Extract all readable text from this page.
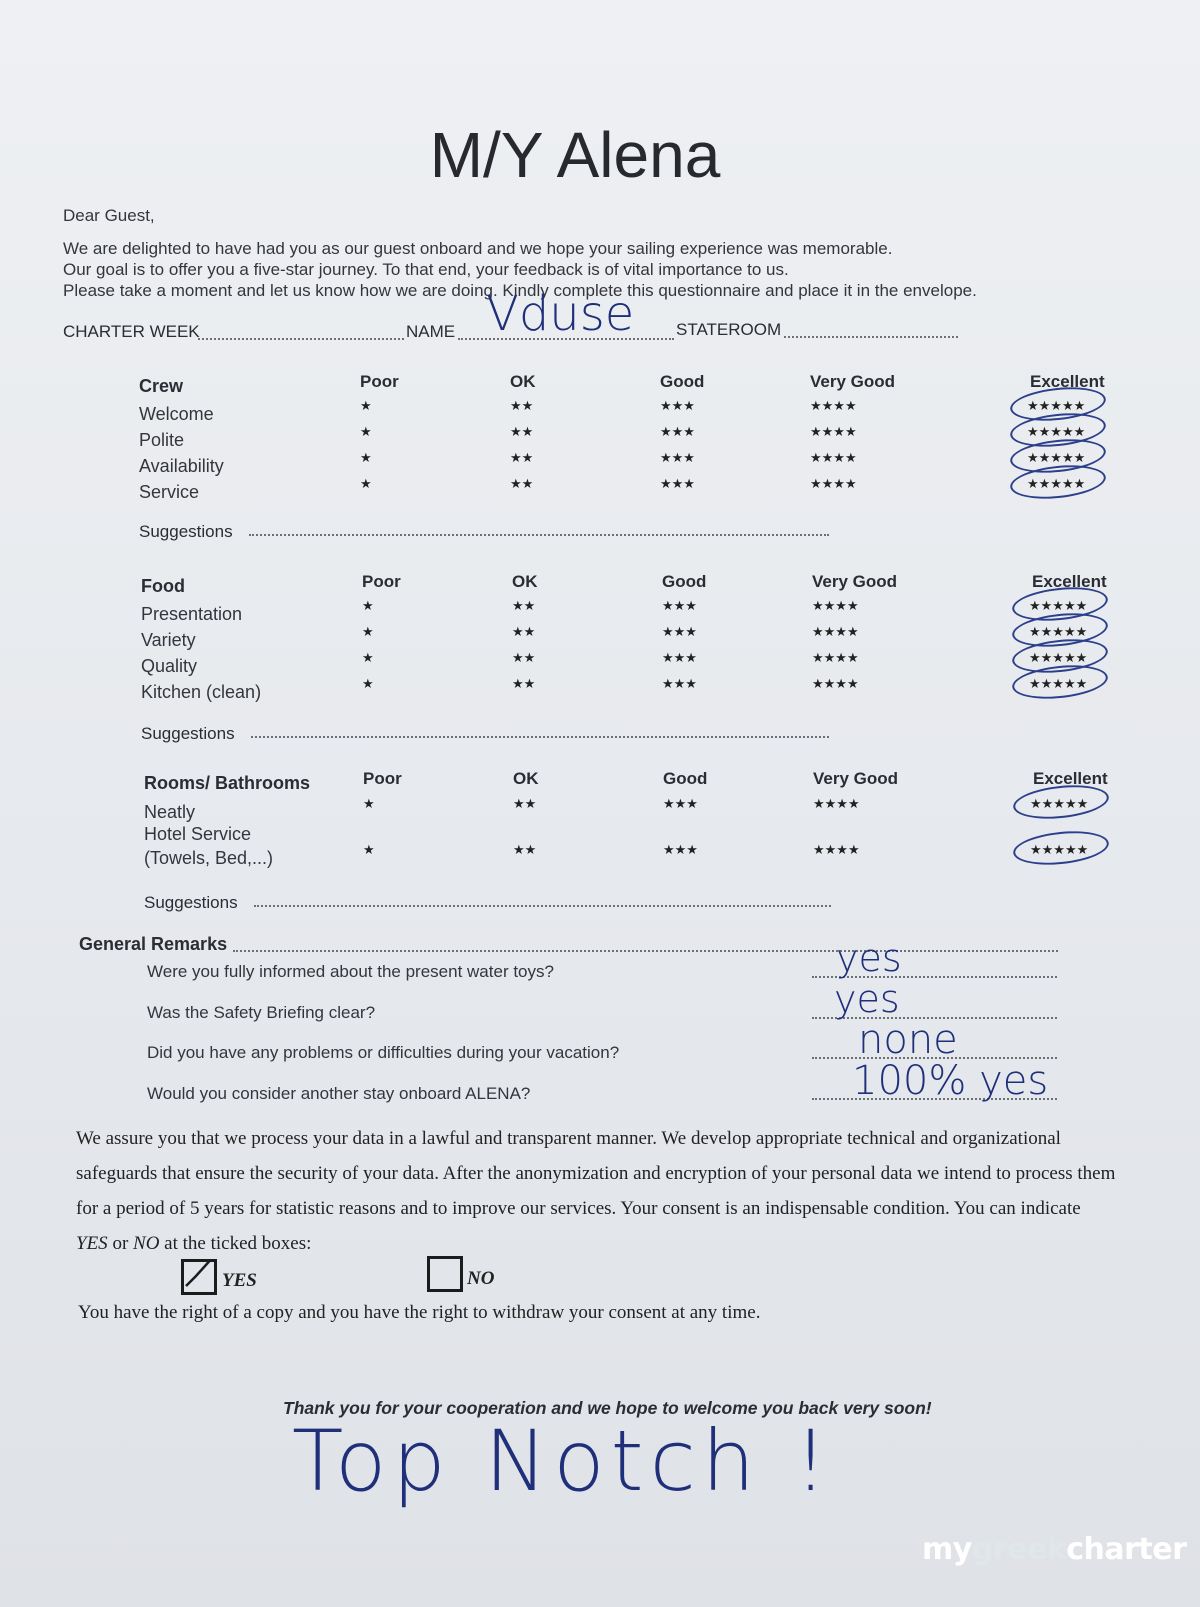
M/Y Alena
Dear Guest,
We are delighted to have had you as our guest onboard and we hope your sailing experience was memorable.
Our goal is to offer you a five-star journey. To that end, your feedback is of vital importance to us.
Please take a moment and let us know how we are doing. Kindly complete this questionnaire and place it in the envelope.
CHARTER WEEK	NAME Vduse STATEROOM
Crew	Poor	OK	Good	Very Good	Excellent
Welcome	★	★★	★★★	★★★★	★★★★★
Polite	★	★★	★★★	★★★★	★★★★★
Availability	★	★★	★★★	★★★★	★★★★★
Service	★	★★	★★★	★★★★	★★★★★
Suggestions
Food	Poor	OK	Good	Very Good	Excellent
Presentation	★	★★	★★★	★★★★	★★★★★
Variety	★	★★	★★★	★★★★	★★★★★
Quality	★	★★	★★★	★★★★	★★★★★
Kitchen (clean)	★	★★	★★★	★★★★	★★★★★
Suggestions
Rooms/ Bathrooms	Poor	OK	Good	Very Good	Excellent
Neatly	★	★★	★★★	★★★★	★★★★★
Hotel Service
(Towels, Bed,...)	★	★★	★★★	★★★★	★★★★★
Suggestions
General Remarks
Were you fully informed about the present water toys?	yes
Was the Safety Briefing clear?	yes
Did you have any problems or difficulties during your vacation?	none
Would you consider another stay onboard ALENA?	100% yes
We assure you that we process your data in a lawful and transparent manner. We develop appropriate technical and organizational
safeguards that ensure the security of your data. After the anonymization and encryption of your personal data we intend to process them
for a period of 5 years for statistic reasons and to improve our services. Your consent is an indispensable condition. You can indicate
YES or NO at the ticked boxes:
YES	NO
You have the right of a copy and you have the right to withdraw your consent at any time.
Thank you for your cooperation and we hope to welcome you back very soon!
Top Notch !
mygreekcharter
